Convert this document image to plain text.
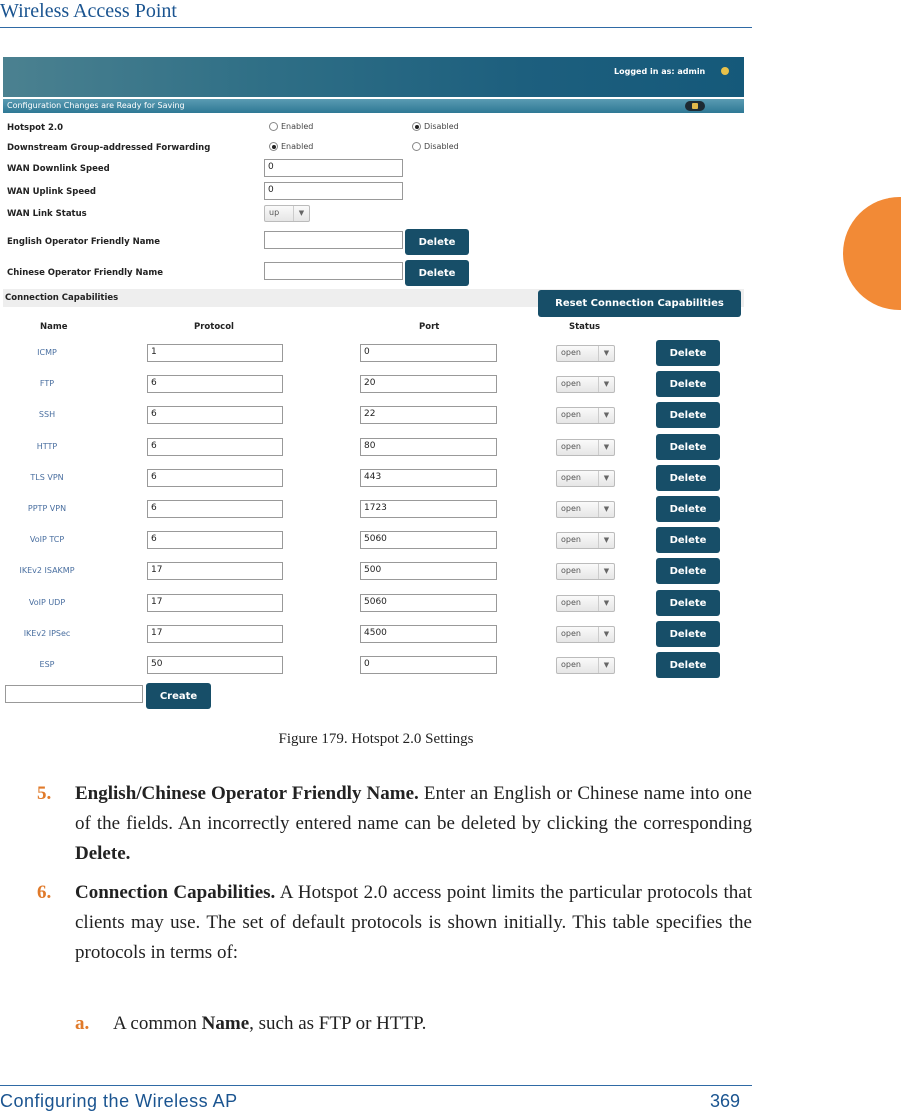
Wireless Access Point
Logged in as: admin
Configuration Changes are Ready for Saving
Hotspot 2.0	Enabled	Disabled
Downstream Group-addressed Forwarding	Enabled	Disabled
WAN Downlink Speed	0
WAN Uplink Speed	0
WAN Link Status	up	▼
English Operator Friendly Name	Delete
Chinese Operator Friendly Name	Delete
Connection Capabilities	Reset Connection Capabilities
Name	Protocol	Port	Status
ICMP	1	0	open	▼	Delete
FTP	6	20	open	▼	Delete
SSH	6	22	open	▼	Delete
HTTP	6	80	open	▼	Delete
TLS VPN	6	443	open	▼	Delete
PPTP VPN	6	1723	open	▼	Delete
VoIP TCP	6	5060	open	▼	Delete
IKEv2 ISAKMP	17	500	open	▼	Delete
VoIP UDP	17	5060	open	▼	Delete
IKEv2 IPSec	17	4500	open	▼	Delete
ESP	50	0	open	▼	Delete
Create
Figure 179. Hotspot 2.0 Settings
5. English/Chinese Operator Friendly Name. Enter an English or Chinese name into one of the fields. An incorrectly entered name can be deleted by clicking the corresponding Delete.
6. Connection Capabilities. A Hotspot 2.0 access point limits the particular protocols that clients may use. The set of default protocols is shown initially. This table specifies the protocols in terms of:
a. A common Name, such as FTP or HTTP.
Configuring the Wireless AP	369
